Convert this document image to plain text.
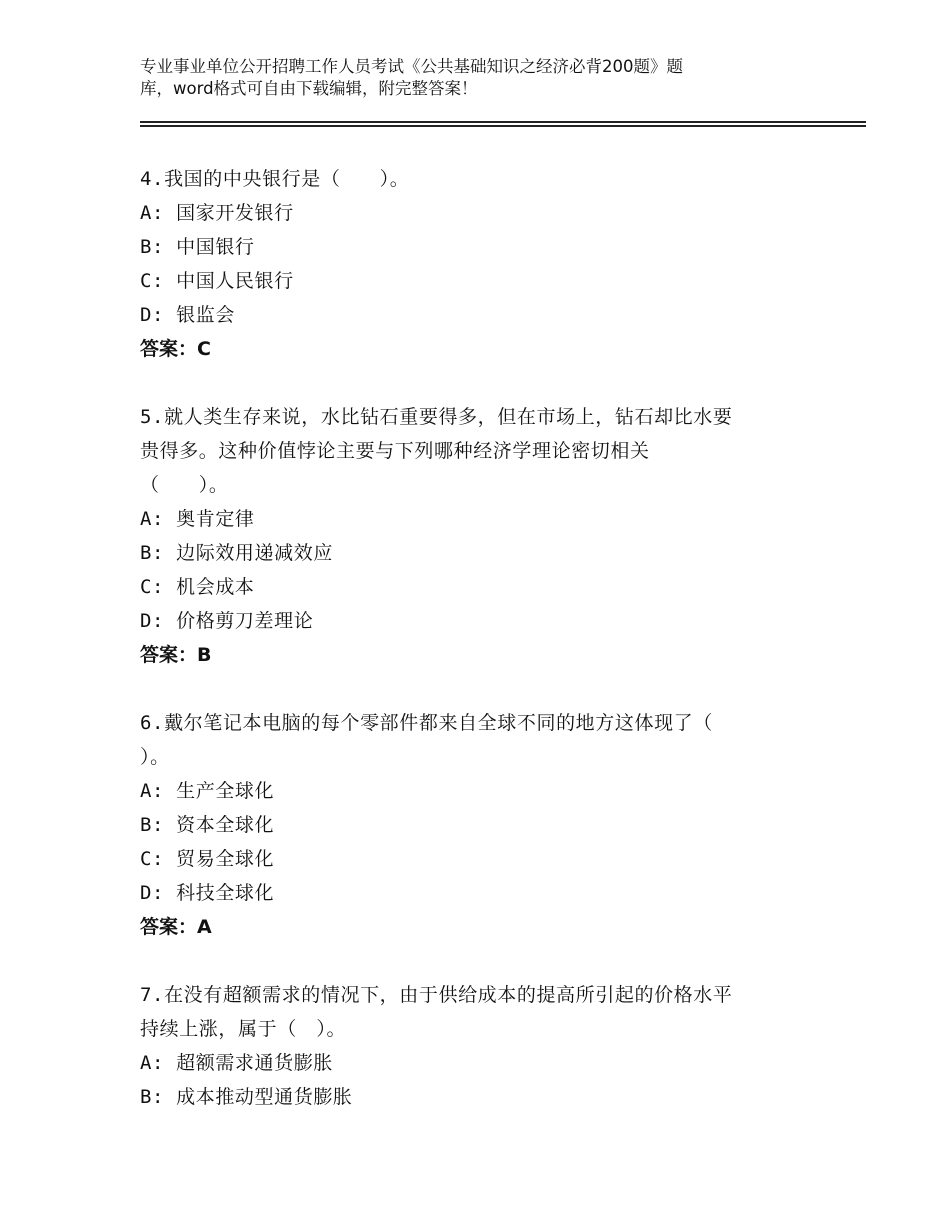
专业事业单位公开招聘工作人员考试《公共基础知识之经济必背200题》题
库，word格式可自由下载编辑，附完整答案！
4.我国的中央银行是（　　）。
A: 国家开发银行
B: 中国银行
C: 中国人民银行
D: 银监会
答案：C
5.就人类生存来说，水比钻石重要得多，但在市场上，钻石却比水要
贵得多。这种价值悖论主要与下列哪种经济学理论密切相关
（　　）。
A: 奥肯定律
B: 边际效用递减效应
C: 机会成本
D: 价格剪刀差理论
答案：B
6.戴尔笔记本电脑的每个零部件都来自全球不同的地方这体现了（
）。
A: 生产全球化
B: 资本全球化
C: 贸易全球化
D: 科技全球化
答案：A
7.在没有超额需求的情况下，由于供给成本的提高所引起的价格水平
持续上涨，属于（　）。
A: 超额需求通货膨胀
B: 成本推动型通货膨胀
